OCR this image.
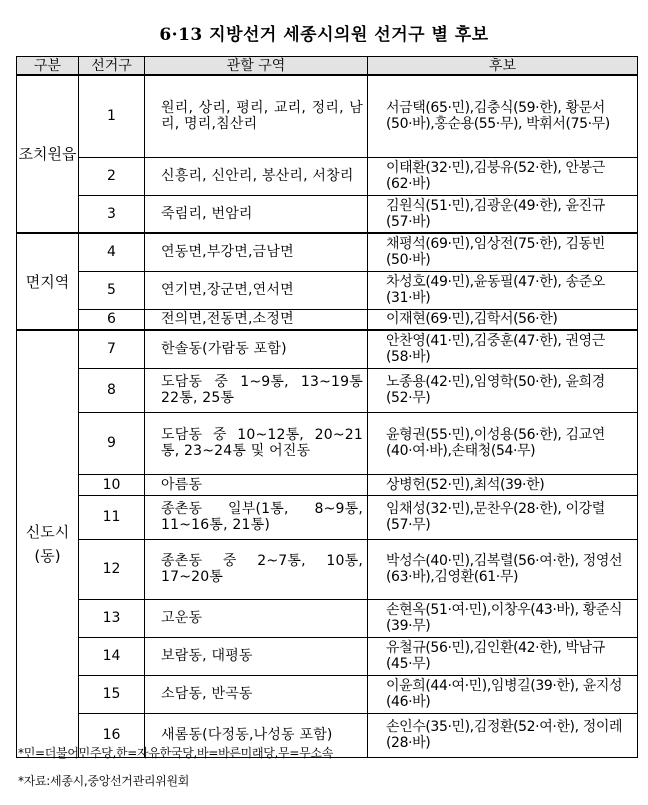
6·13 지방선거 세종시의원 선거구 별 후보
구분	선거구	관할 구역	후보
조치원읍	1	원리, 상리, 평리, 교리, 정리, 남리, 명리,침산리	서금택(65·민),김충식(59·한), 황문서(50·바),홍순용(55·무), 박휘서(75·무)
	2	신흥리, 신안리, 봉산리, 서창리	이태환(32·민),김붕유(52·한), 안봉근(62·바)
	3	죽림리, 번암리	김원식(51·민),김광운(49·한), 윤진규(57·바)
면지역	4	연동면,부강면,금남면	채평석(69·민),임상전(75·한), 김동빈(50·바)
	5	연기면,장군면,연서면	차성호(49·민),윤동필(47·한), 송준오(31·바)
	6	전의면,전동면,소정면	이재현(69·민),김학서(56·한)
신도시(동)	7	한솔동(가람동 포함)	안찬영(41·민),김중훈(47·한), 권영근(58·바)
	8	도담동 중 1~9통, 13~19통 22통, 25통	노종용(42·민),임영학(50·한), 윤희경(52·무)
	9	도담동 중 10~12통, 20~21통, 23~24통 및 어진동	윤형권(55·민),이성용(56·한), 김교연(40·여·바),손태청(54·무)
	10	아름동	상병헌(52·민),최석(39·한)
	11	종촌동 일부(1통, 8~9통, 11~16통, 21통)	임채성(32·민),문찬우(28·한), 이강렬(57·무)
	12	종촌동 중 2~7통, 10통, 17~20통	박성수(40·민),김복렬(56·여·한), 정영선(63·바),김영환(61·무)
	13	고운동	손현옥(51·여·민),이창우(43·바), 황준식(39·무)
	14	보람동, 대평동	유철규(56·민),김인환(42·한), 박남규(45·무)
	15	소담동, 반곡동	이윤희(44·여·민),임병길(39·한), 윤지성(46·바)
	16	새롬동(다정동,나성동 포함)	손인수(35·민),김정환(52·여·한), 정이레(28·바)
*민=더불어민주당,한=자유한국당,바=바른미래당,무=무소속
*자료:세종시,중앙선거관리위원회
